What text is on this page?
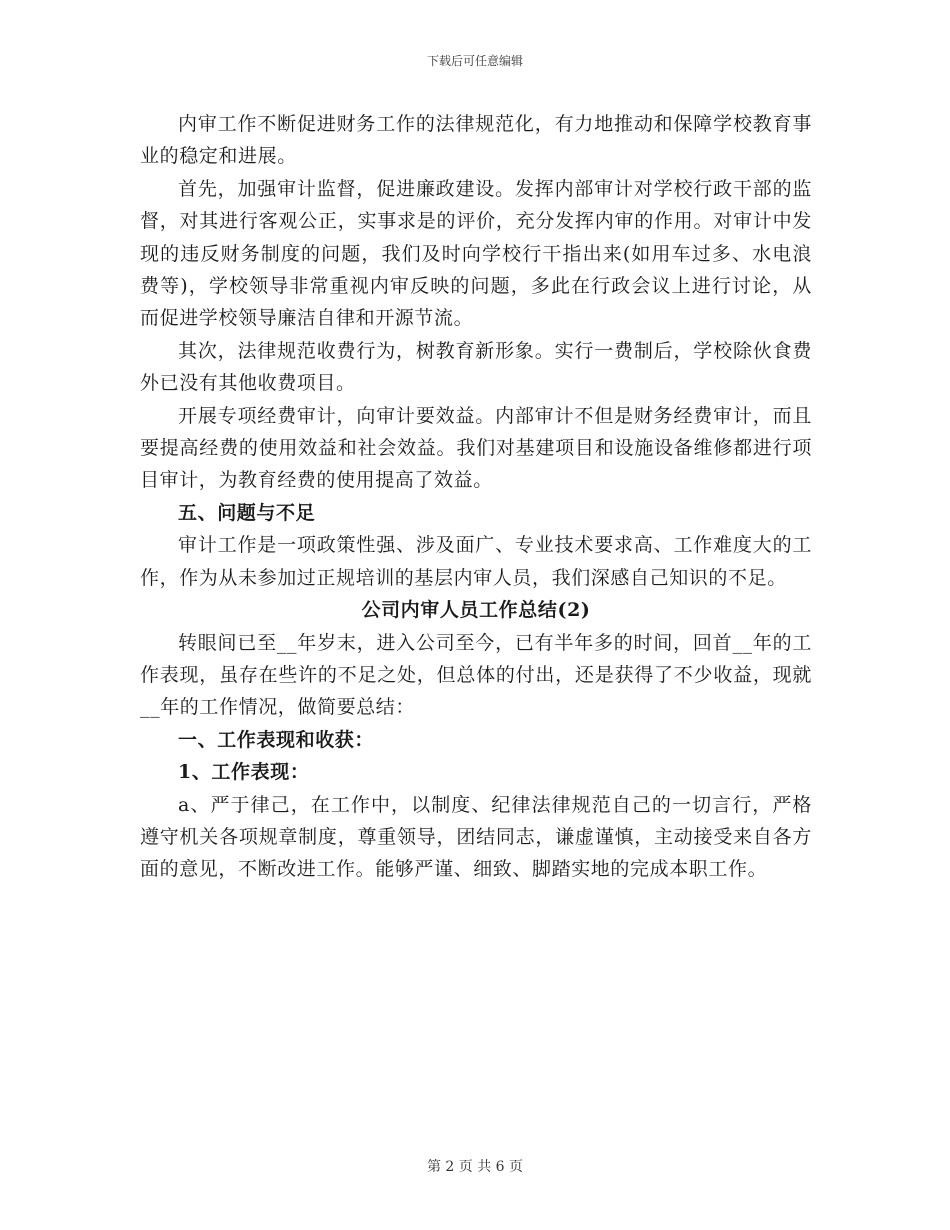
下载后可任意编辑

内审工作不断促进财务工作的法律规范化，有力地推动和保障学校教育事业的稳定和进展。

首先，加强审计监督，促进廉政建设。发挥内部审计对学校行政干部的监督，对其进行客观公正，实事求是的评价，充分发挥内审的作用。对审计中发现的违反财务制度的问题，我们及时向学校行干指出来(如用车过多、水电浪费等)，学校领导非常重视内审反映的问题，多此在行政会议上进行讨论，从而促进学校领导廉洁自律和开源节流。

其次，法律规范收费行为，树教育新形象。实行一费制后，学校除伙食费外已没有其他收费项目。

开展专项经费审计，向审计要效益。内部审计不但是财务经费审计，而且要提高经费的使用效益和社会效益。我们对基建项目和设施设备维修都进行项目审计，为教育经费的使用提高了效益。

五、问题与不足

审计工作是一项政策性强、涉及面广、专业技术要求高、工作难度大的工作，作为从未参加过正规培训的基层内审人员，我们深感自己知识的不足。

公司内审人员工作总结(2)

转眼间已至__年岁末，进入公司至今，已有半年多的时间，回首__年的工作表现，虽存在些许的不足之处，但总体的付出，还是获得了不少收益，现就__年的工作情况，做简要总结：

一、工作表现和收获：

1、工作表现：

a、严于律己，在工作中，以制度、纪律法律规范自己的一切言行，严格遵守机关各项规章制度，尊重领导，团结同志，谦虚谨慎，主动接受来自各方面的意见，不断改进工作。能够严谨、细致、脚踏实地的完成本职工作。

第 2 页 共 6 页
